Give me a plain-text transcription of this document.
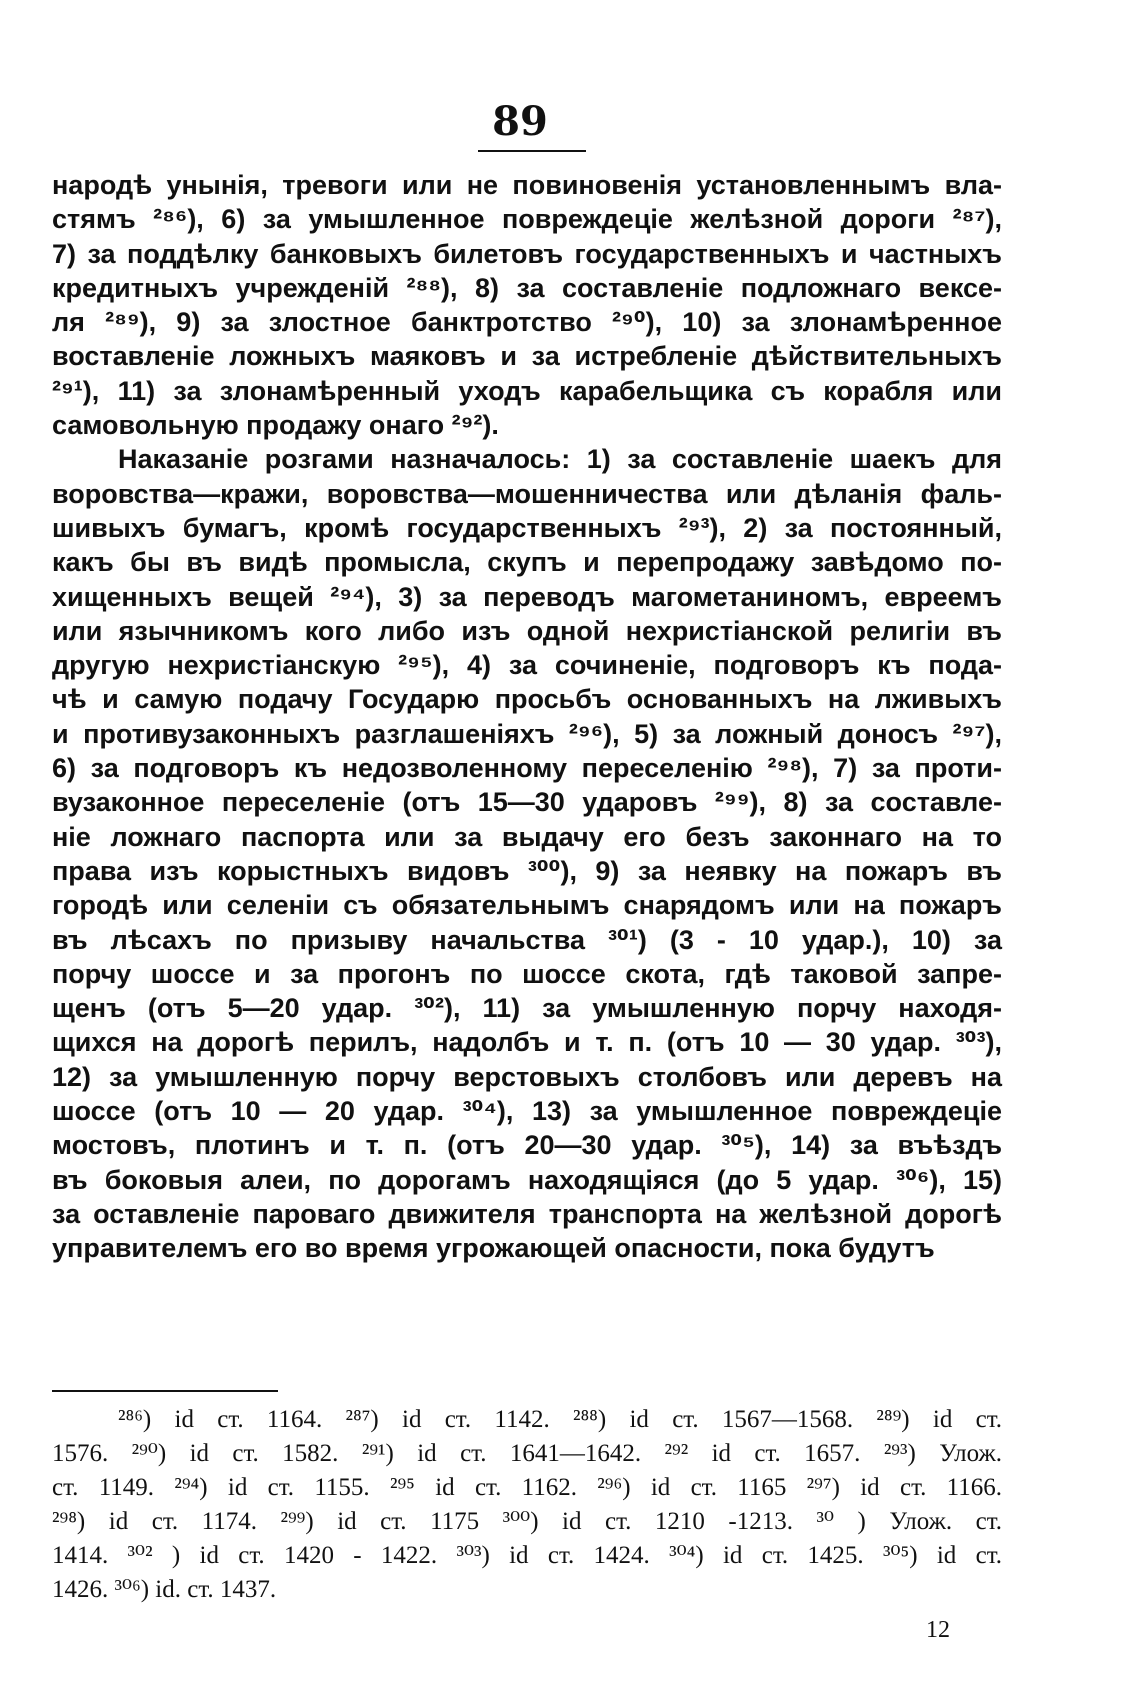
89
народѣ унынія, тревоги или не повиновенія установленнымъ вла-
стямъ ²⁸⁶), 6) за умышленное повреждеціе желѣзной дороги ²⁸⁷),
7) за поддѣлку банковыхъ билетовъ государственныхъ и частныхъ
кредитныхъ учрежденій ²⁸⁸), 8) за составленіе подложнаго вексе-
ля ²⁸⁹), 9) за злостное банктротство ²⁹⁰), 10) за злонамѣренное
воставленіе ложныхъ маяковъ и за истребленіе дѣйствительныхъ
²⁹¹), 11) за злонамѣренный уходъ карабельщика съ корабля или
самовольную продажу онаго ²⁹²).
Наказаніе розгами назначалось: 1) за составленіе шаекъ для
воровства—кражи, воровства—мошенничества или дѣланія фаль-
шивыхъ бумагъ, кромѣ государственныхъ ²⁹³), 2) за постоянный,
какъ бы въ видѣ промысла, скупъ и перепродажу завѣдомо по-
хищенныхъ вещей ²⁹⁴), 3) за переводъ магометаниномъ, евреемъ
или язычникомъ кого либо изъ одной нехристіанской религіи въ
другую нехристіанскую ²⁹⁵), 4) за сочиненіе, подговоръ къ пода-
чѣ и самую подачу Государю просьбъ основанныхъ на лживыхъ
и противузаконныхъ разглашеніяхъ ²⁹⁶), 5) за ложный доносъ ²⁹⁷),
6) за подговоръ къ недозволенному переселенію ²⁹⁸), 7) за проти-
вузаконное переселеніе (отъ 15—30 ударовъ ²⁹⁹), 8) за составле-
ніе ложнаго паспорта или за выдачу его безъ законнаго на то
права изъ корыстныхъ видовъ ³⁰⁰), 9) за неявку на пожаръ въ
городѣ или селеніи съ обязательнымъ снарядомъ или на пожаръ
въ лѣсахъ по призыву начальства ³⁰¹) (3 - 10 удар.), 10) за
порчу шоссе и за прогонъ по шоссе скота, гдѣ таковой запре-
щенъ (отъ 5—20 удар. ³⁰²), 11) за умышленную порчу находя-
щихся на дорогѣ перилъ, надолбъ и т. п. (отъ 10 — 30 удар. ³⁰³),
12) за умышленную порчу верстовыхъ столбовъ или деревъ на
шоссе (отъ 10 — 20 удар. ³⁰⁴), 13) за умышленное повреждеціе
мостовъ, плотинъ и т. п. (отъ 20—30 удар. ³⁰⁵), 14) за въѣздъ
въ боковыя алеи, по дорогамъ находящіяся (до 5 удар. ³⁰⁶), 15)
за оставленіе пароваго движителя транспорта на желѣзной дорогѣ
управителемъ его во время угрожающей опасности, пока будутъ
²⁸⁶) id ст. 1164. ²⁸⁷) id ст. 1142. ²⁸⁸) id ст. 1567—1568. ²⁸⁹) id ст.
1576. ²⁹⁰) id ст. 1582. ²⁹¹) id ст. 1641—1642. ²⁹² id ст. 1657. ²⁹³) Улож.
ст. 1149. ²⁹⁴) id ст. 1155. ²⁹⁵ id ст. 1162. ²⁹⁶) id ст. 1165 ²⁹⁷) id ст. 1166.
²⁹⁸) id ст. 1174. ²⁹⁹) id ст. 1175 ³⁰⁰) id ст. 1210 -1213. ³⁰ ) Улож. ст.
1414. ³⁰² ) id ст. 1420 - 1422. ³⁰³) id ст. 1424. ³⁰⁴) id ст. 1425. ³⁰⁵) id ст.
1426. ³⁰⁶) id. ст. 1437.
12
